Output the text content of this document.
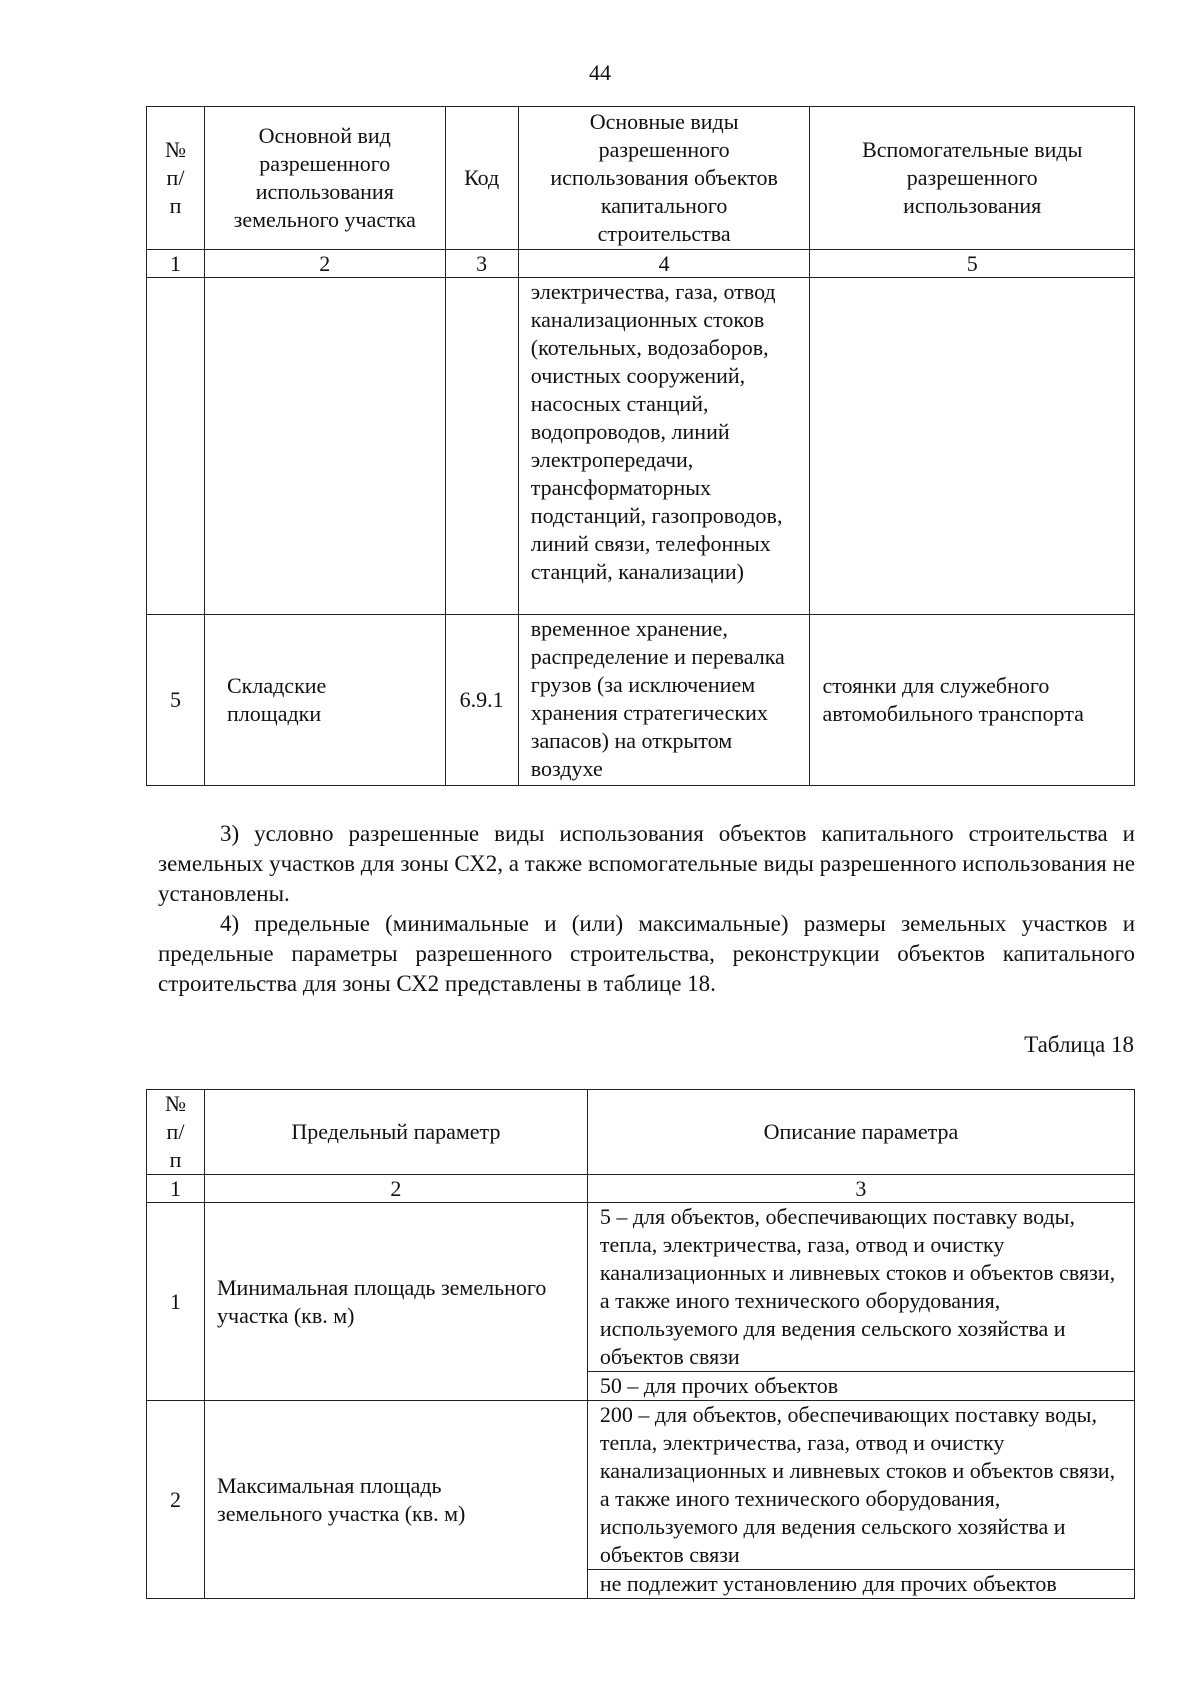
44
№ п/п	Основной вид разрешенного использования земельного участка	Код	Основные виды разрешенного использования объектов капитального строительства	Вспомогательные виды разрешенного использования
1	2	3	4	5
			электричества, газа, отвод канализационных стоков (котельных, водозаборов, очистных сооружений, насосных станций, водопроводов, линий электропередачи, трансформаторных подстанций, газопроводов, линий связи, телефонных станций, канализации)	
5	Складские площадки	6.9.1	временное хранение, распределение и перевалка грузов (за исключением хранения стратегических запасов) на открытом воздухе	стоянки для служебного автомобильного транспорта
3) условно разрешенные виды использования объектов капитального строительства и земельных участков для зоны СХ2, а также вспомогательные виды разрешенного использования не установлены.
4) предельные (минимальные и (или) максимальные) размеры земельных участков и предельные параметры разрешенного строительства, реконструкции объектов капитального строительства для зоны СХ2 представлены в таблице 18.
Таблица 18
№ п/п	Предельный параметр	Описание параметра
1	2	3
1	Минимальная площадь земельного участка (кв. м)	5 – для объектов, обеспечивающих поставку воды, тепла, электричества, газа, отвод и очистку канализационных и ливневых стоков и объектов связи, а также иного технического оборудования, используемого для ведения сельского хозяйства и объектов связи
		50 – для прочих объектов
2	Максимальная площадь земельного участка (кв. м)	200 – для объектов, обеспечивающих поставку воды, тепла, электричества, газа, отвод и очистку канализационных и ливневых стоков и объектов связи, а также иного технического оборудования, используемого для ведения сельского хозяйства и объектов связи
		не подлежит установлению для прочих объектов
